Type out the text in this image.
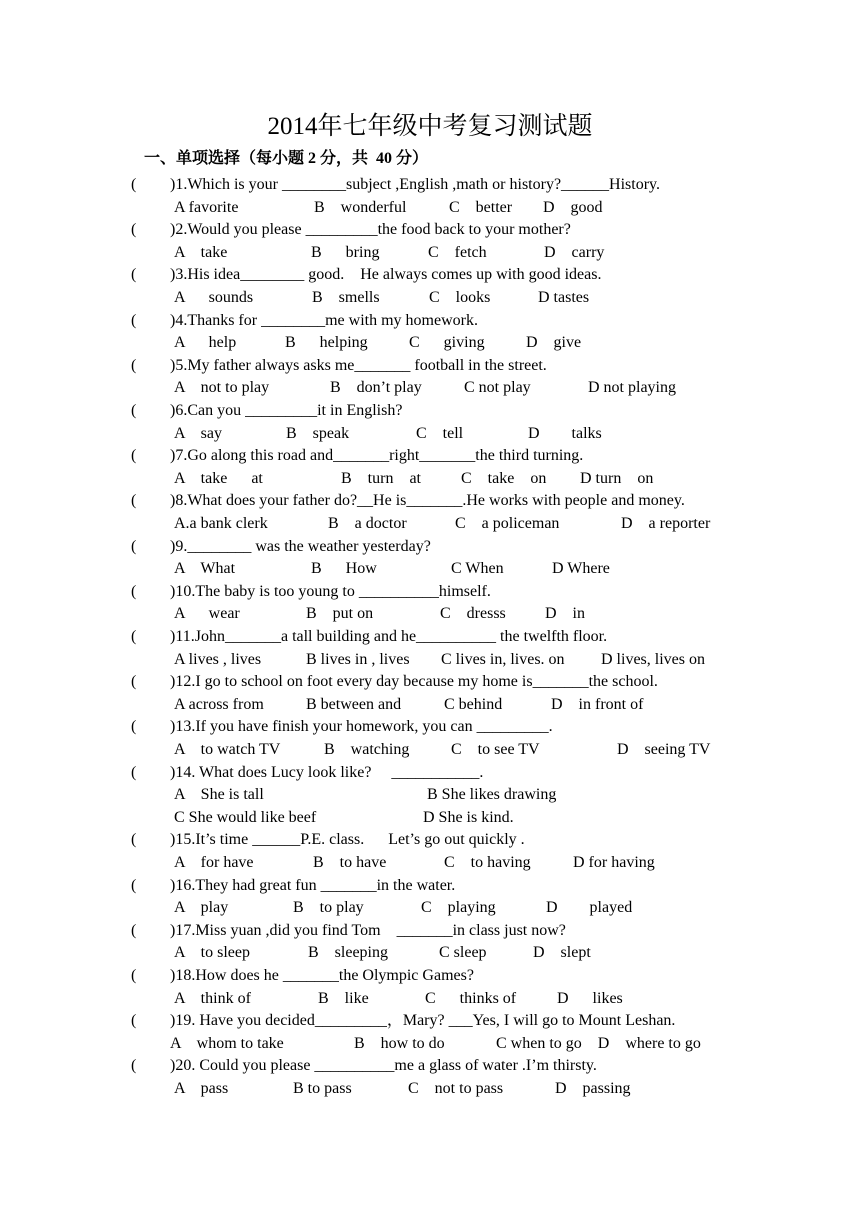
2014年七年级中考复习测试题
一、单项选择（每小题 2 分，共  40 分）
( )1.Which is your ________subject ,English ,math or history?______History.
A favorite	B    wonderful	C    better D    good
( )2.Would you please _________the food back to your mother?
A    take	B      bring	C    fetch	D    carry
( )3.His idea________ good.    He always comes up with good ideas.
A      sounds	B    smells	C    looks	D tastes
( )4.Thanks for ________me with my homework.
A      help	B      helping	C      giving	D    give
( )5.My father always asks me_______ football in the street.
A    not to play	B    don’t play	C not play	D not playing
( )6.Can you _________it in English?
A    say	B    speak	C    tell	D        talks
( )7.Go along this road and_______right_______the third turning.
A    take      at	B    turn    at	C    take    on D turn    on
( )8.What does your father do?__He is_______.He works with people and money.
A.a bank clerk	B    a doctor	C    a policeman	D    a reporter
( )9.________ was the weather yesterday?
A    What	B      How	C When	D Where
( )10.The baby is too young to __________himself.
A      wear	B    put on	C    dresss D    in
( )11.John_______a tall building and he__________ the twelfth floor.
A lives , lives	B lives in , lives C lives in, lives. on D lives, lives on
( )12.I go to school on foot every day because my home is_______the school.
A across from	B between and	C behind	D    in front of
( )13.If you have finish your homework, you can _________.
A    to watch TV	B    watching	C    to see TV	D    seeing TV
( )14. What does Lucy look like?     ___________.
A    She is tall	B She likes drawing
C She would like beef	D She is kind.
( )15.It’s time ______P.E. class.      Let’s go out quickly .
A    for have	B    to have	C    to having	D for having
( )16.They had great fun _______in the water.
A    play	B    to play	C    playing	D        played
( )17.Miss yuan ,did you find Tom    _______in class just now?
A    to sleep	B    sleeping	C sleep	D    slept
( )18.How does he _______the Olympic Games?
A    think of	B    like	C      thinks of	D      likes
( )19. Have you decided_________，Mary? ___Yes, I will go to Mount Leshan.
A    whom to take	B    how to do	C when to go    D    where to go
( )20. Could you please __________me a glass of water .I’m thirsty.
A    pass	B to pass	C    not to pass	D    passing
